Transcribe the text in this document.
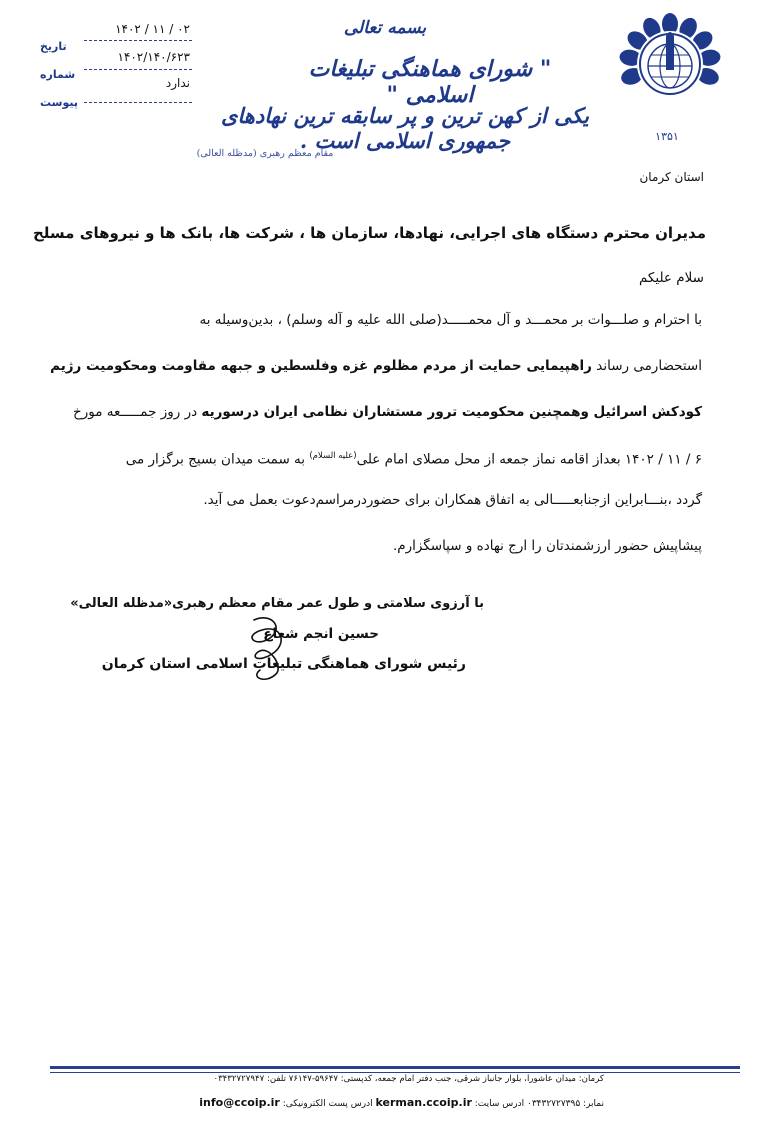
تاریخ
۱۴۰۲ / ۱۱ / ۰۲
شماره
۱۴۰۲/۱۴۰/۶۲۳
پیوست
ندارد
بسمه تعالی
" شورای هماهنگی تبلیغات اسلامی "
یکی از کهن ترین و پر سابقه ترین نهادهای جمهوری اسلامی است .
مقام معظم رهبری (مدظله العالی)
۱۳۵۱
استان کرمان
مدیران محترم دستگاه های اجرایی، نهادها، سازمان ها ، شرکت ها، بانک ها و نیروهای مسلح
سلام علیکم
با احترام و صلـــوات بر محمـــد و آل محمـــــد(صلی الله علیه و آله وسلم) ، بدین‌وسیله به
استحضارمی رساند راهپیمایی حمایت از مردم مظلوم غزه وفلسطین و جبهه مقاومت ومحکومیت رژیم
کودکش اسرائیل وهمچنین محکومیت ترور مستشاران نظامی ایران درسوریه در روز جمـــــعه مورخ
۶ / ۱۱ / ۱۴۰۲ بعداز اقامه نماز جمعه از محل مصلای امام علی$^{(علیه السلام)}$ به سمت میدان بسیج برگزار می
گردد ،بنـــابراین ازجنابعـــــالی به اتفاق همکاران برای حضوردرمراسم‌دعوت بعمل می آید.
پیشاپیش حضور ارزشمندتان را ارج نهاده و سپاسگزارم.
با آرزوی سلامتی و طول عمر مقام معظم رهبری«مدظله العالی»
حسین انجم شعاع
رئیس شورای هماهنگی تبلیغات اسلامی استان کرمان
کرمان: میدان عاشورا، بلوار جانباز شرقی، جنب دفتر امام جمعه، کدپستی: ۵۹۶۴۷-۷۶۱۴۷ تلفن: ۰۳۴۳۲۷۲۷۹۴۷
نمابر: ۰۳۴۳۲۷۲۷۳۹۵ ادرس سایت: kerman.ccoip.ir ادرس پست الکترونیکی: info@ccoip.ir
